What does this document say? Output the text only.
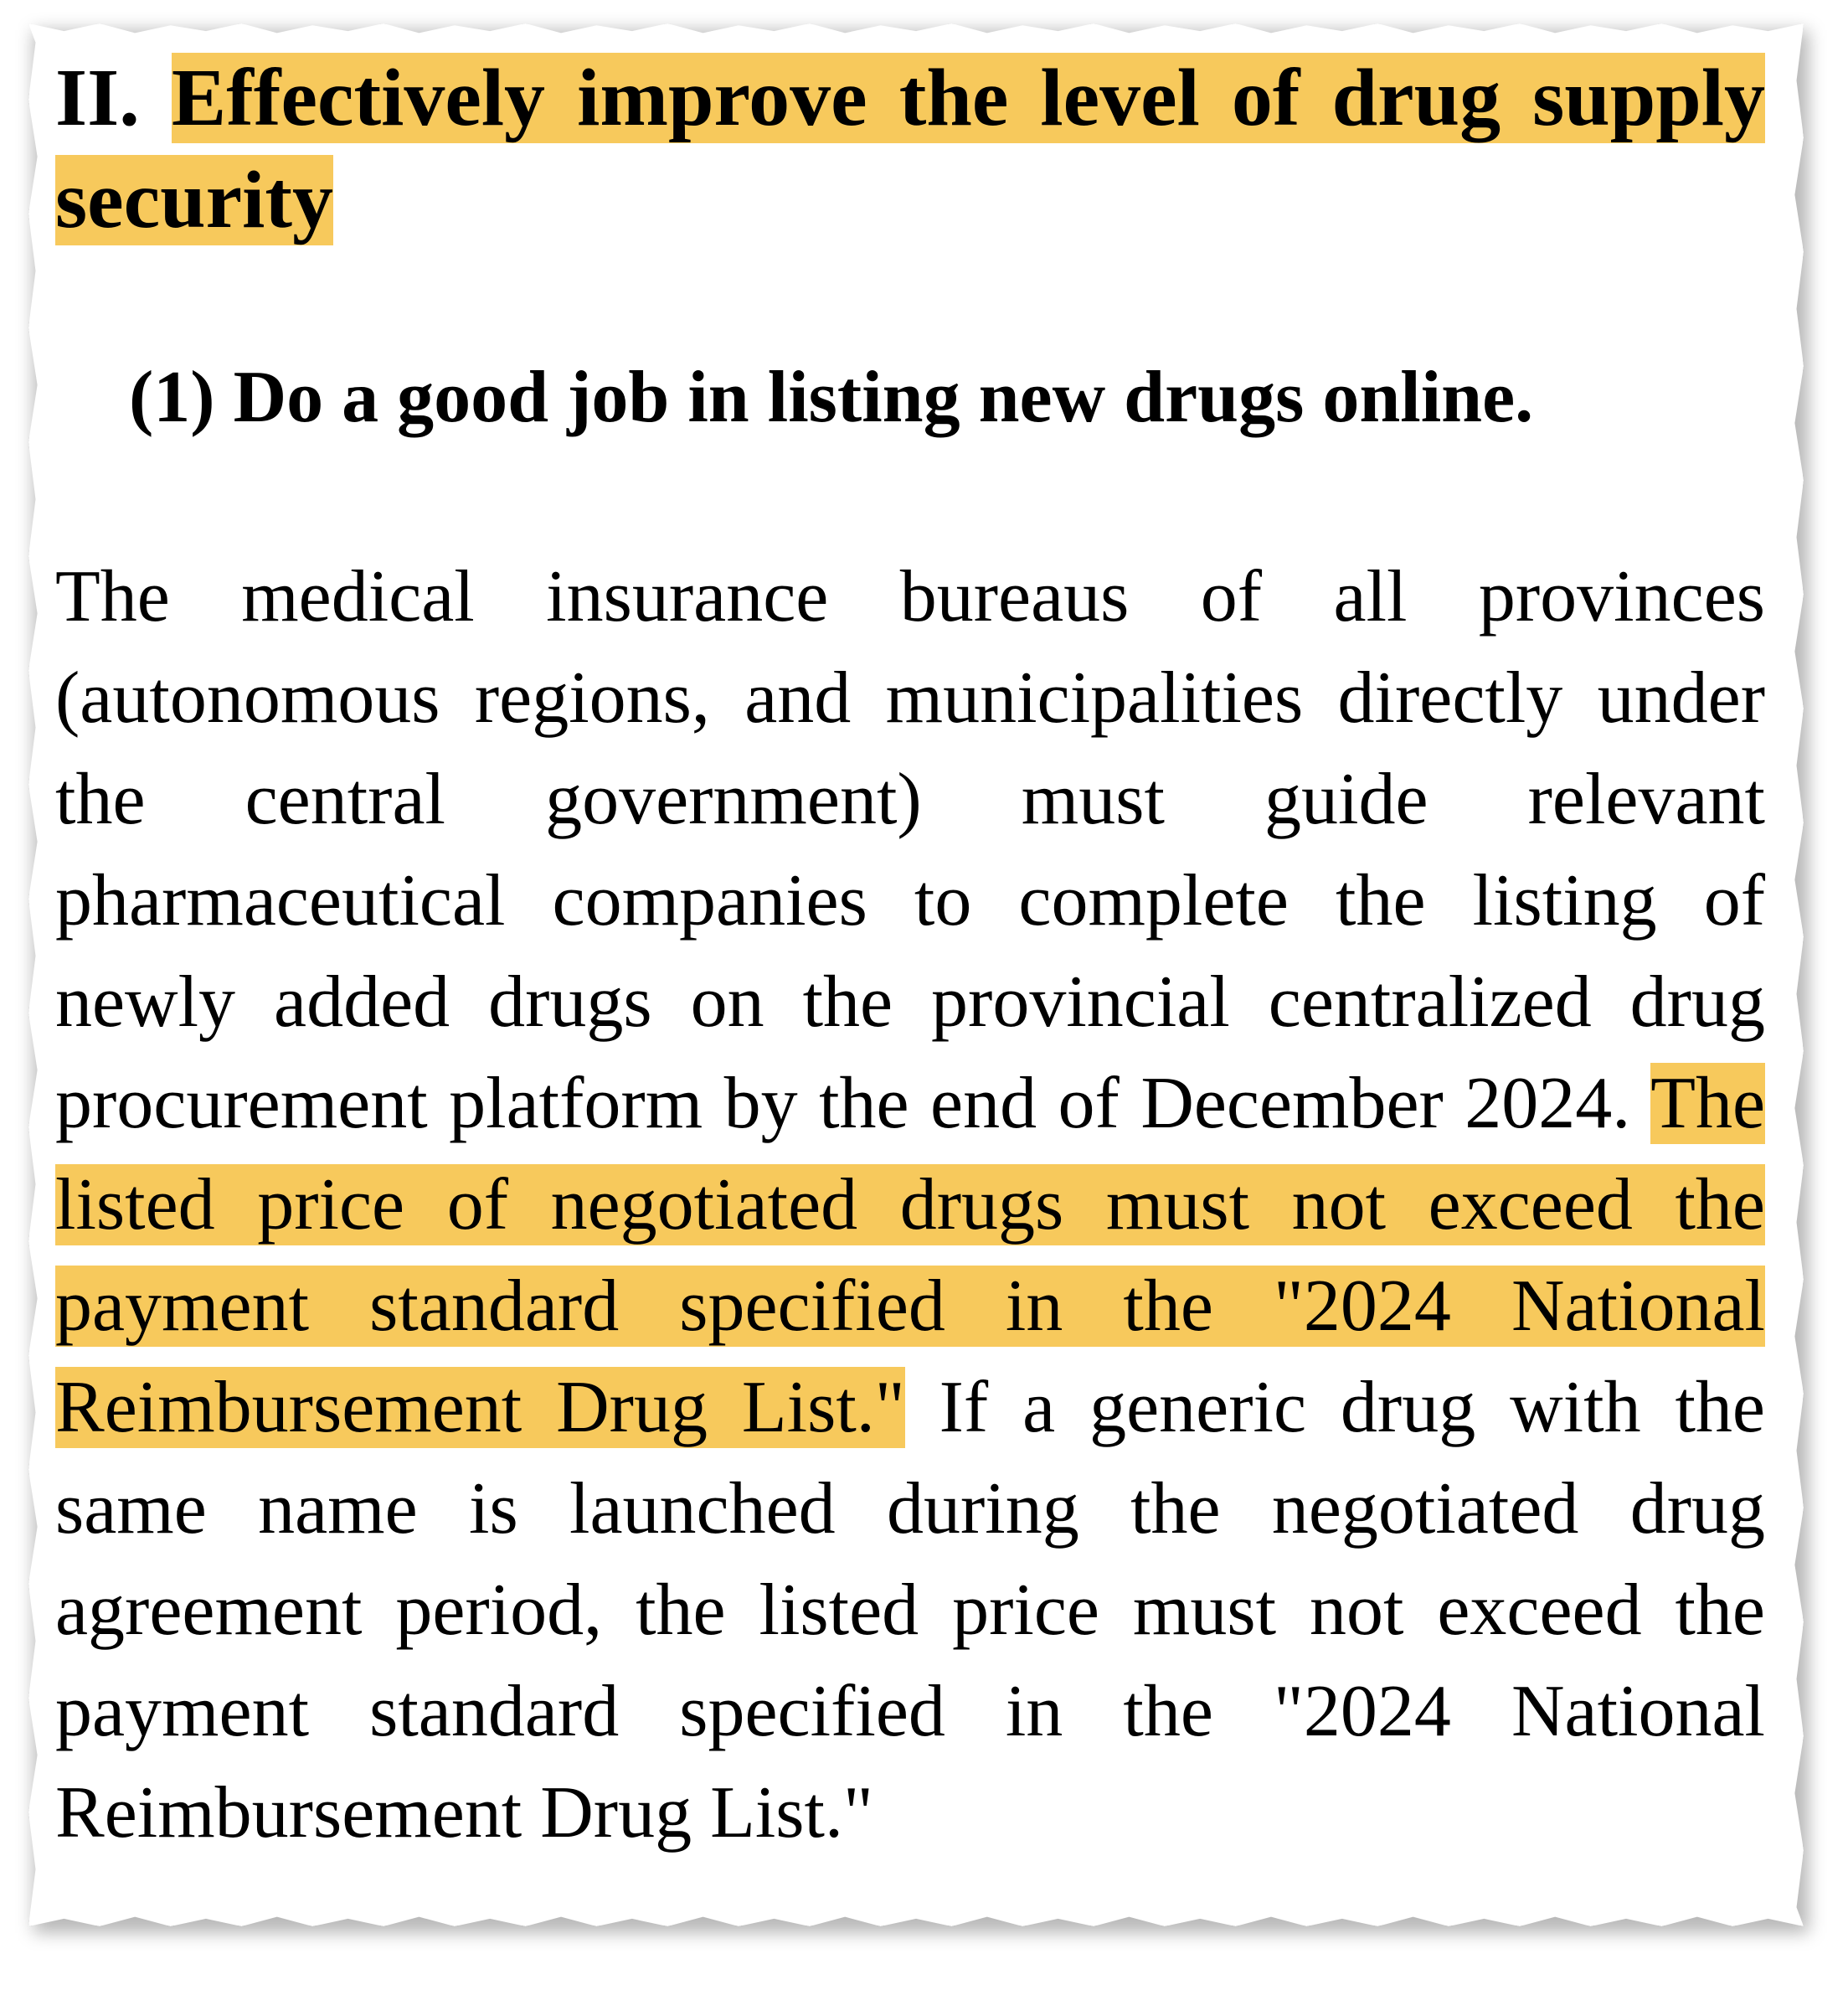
II. Effectively improve the level of drug supply security

(1) Do a good job in listing new drugs online.

The medical insurance bureaus of all provinces (autonomous regions, and municipalities directly under the central government) must guide relevant pharmaceutical companies to complete the listing of newly added drugs on the provincial centralized drug procurement platform by the end of December 2024. The listed price of negotiated drugs must not exceed the payment standard specified in the "2024 National Reimbursement Drug List." If a generic drug with the same name is launched during the negotiated drug agreement period, the listed price must not exceed the payment standard specified in the "2024 National Reimbursement Drug List."
